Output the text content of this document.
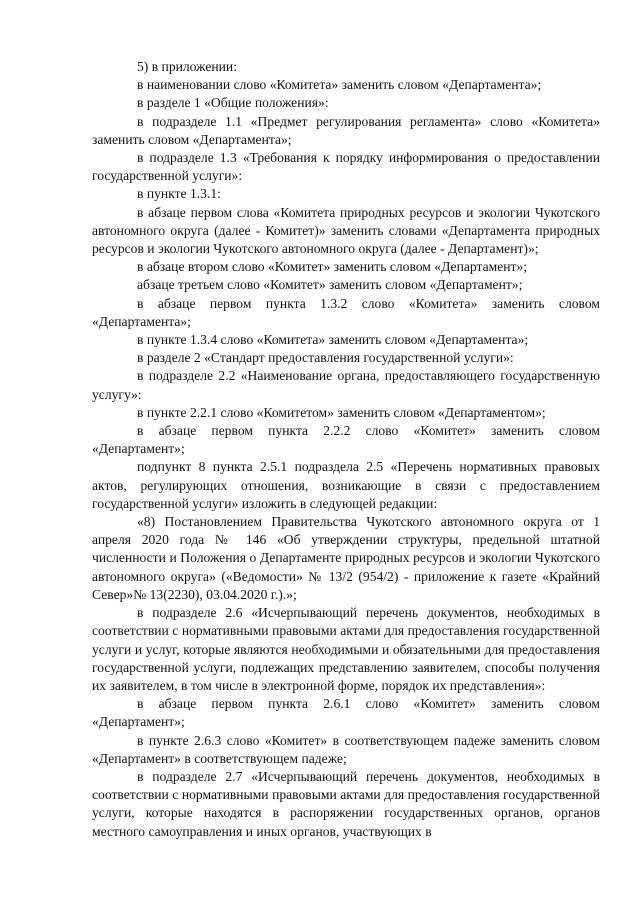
5) в приложении:

в наименовании слово «Комитета» заменить словом «Департамента»;

в разделе 1 «Общие положения»:

в подразделе 1.1 «Предмет регулирования регламента» слово «Комитета» заменить словом «Департамента»;

в подразделе 1.3 «Требования к порядку информирования о предоставлении государственной услуги»:

в пункте 1.3.1:

в абзаце первом слова «Комитета природных ресурсов и экологии Чукотского автономного округа (далее - Комитет)» заменить словами «Департамента природных ресурсов и экологии Чукотского автономного округа (далее - Департамент)»;

в абзаце втором слово «Комитет» заменить словом «Департамент»;

абзаце третьем слово «Комитет» заменить словом «Департамент»;

в абзаце первом пункта 1.3.2 слово «Комитета» заменить словом «Департамента»;

в пункте 1.3.4 слово «Комитета» заменить словом «Департамента»;

в разделе 2 «Стандарт предоставления государственной услуги»:

в подразделе 2.2 «Наименование органа, предоставляющего государственную услугу»:

в пункте 2.2.1 слово «Комитетом» заменить словом «Департаментом»;

в абзаце первом пункта 2.2.2 слово «Комитет» заменить словом «Департамент»;

подпункт 8 пункта 2.5.1 подраздела 2.5 «Перечень нормативных правовых актов, регулирующих отношения, возникающие в связи с предоставлением государственной услуги» изложить в следующей редакции:

«8) Постановлением Правительства Чукотского автономного округа от 1 апреля 2020 года № 146 «Об утверждении структуры, предельной штатной численности и Положения о Департаменте природных ресурсов и экологии Чукотского автономного округа» («Ведомости» № 13/2 (954/2) - приложение к газете «Крайний Север»№ 13(2230), 03.04.2020 г.).»;

в подразделе 2.6 «Исчерпывающий перечень документов, необходимых в соответствии с нормативными правовыми актами для предоставления государственной услуги и услуг, которые являются необходимыми и обязательными для предоставления государственной услуги, подлежащих представлению заявителем, способы получения их заявителем, в том числе в электронной форме, порядок их представления»:

в абзаце первом пункта 2.6.1 слово «Комитет» заменить словом «Департамент»;

в пункте 2.6.3 слово «Комитет» в соответствующем падеже заменить словом «Департамент» в соответствующем падеже;

в подразделе 2.7 «Исчерпывающий перечень документов, необходимых в соответствии с нормативными правовыми актами для предоставления государственной услуги, которые находятся в распоряжении государственных органов, органов местного самоуправления и иных органов, участвующих в
